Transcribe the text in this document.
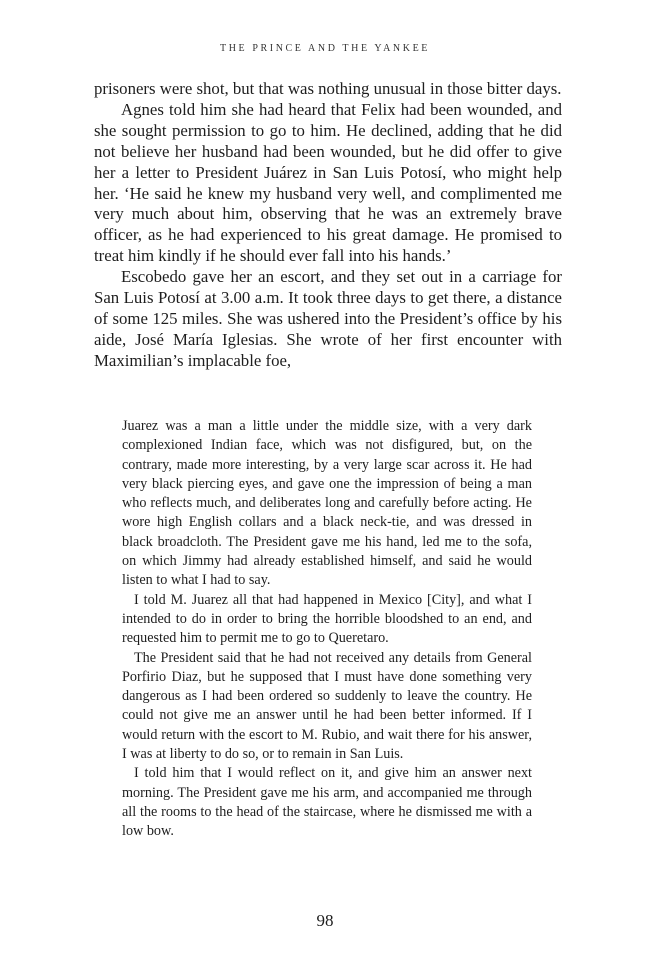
THE PRINCE AND THE YANKEE

prisoners were shot, but that was nothing unusual in those bitter days.

Agnes told him she had heard that Felix had been wounded, and she sought permission to go to him. He declined, adding that he did not believe her husband had been wounded, but he did offer to give her a letter to President Juárez in San Luis Potosí, who might help her. ‘He said he knew my husband very well, and complimented me very much about him, observing that he was an extremely brave officer, as he had experienced to his great damage. He promised to treat him kindly if he should ever fall into his hands.’

Escobedo gave her an escort, and they set out in a carriage for San Luis Potosí at 3.00 a.m. It took three days to get there, a distance of some 125 miles. She was ushered into the President’s office by his aide, José María Iglesias. She wrote of her first encounter with Maximilian’s implacable foe,

Juarez was a man a little under the middle size, with a very dark complexioned Indian face, which was not disfigured, but, on the contrary, made more interesting, by a very large scar across it. He had very black piercing eyes, and gave one the impression of being a man who reflects much, and deliberates long and carefully before acting. He wore high English collars and a black neck-tie, and was dressed in black broadcloth. The President gave me his hand, led me to the sofa, on which Jimmy had already established himself, and said he would listen to what I had to say.

I told M. Juarez all that had happened in Mexico [City], and what I intended to do in order to bring the horrible bloodshed to an end, and requested him to permit me to go to Queretaro.

The President said that he had not received any details from General Porfirio Diaz, but he supposed that I must have done something very dangerous as I had been ordered so suddenly to leave the country. He could not give me an answer until he had been better informed. If I would return with the escort to M. Rubio, and wait there for his answer, I was at liberty to do so, or to remain in San Luis.

I told him that I would reflect on it, and give him an answer next morning. The President gave me his arm, and accompanied me through all the rooms to the head of the staircase, where he dismissed me with a low bow.

98
